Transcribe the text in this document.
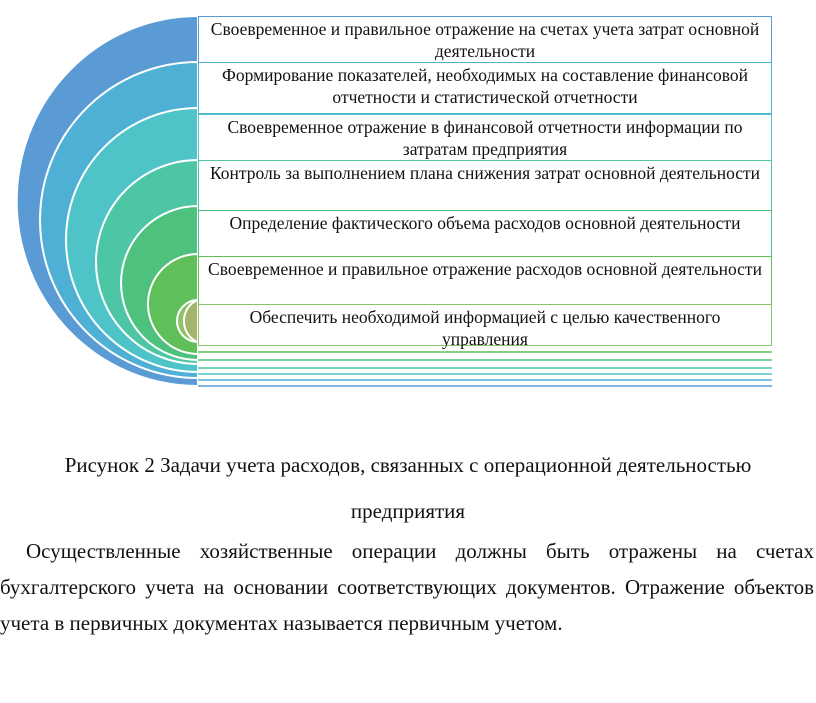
Своевременное и правильное отражение на счетах учета затрат основной деятельности
Формирование показателей, необходимых на составление финансовой отчетности и статистической отчетности
Своевременное отражение в финансовой отчетности информации по затратам предприятия
Контроль за выполнением плана снижения затрат основной деятельности
Определение фактического объема расходов основной деятельности
Своевременное и правильное отражение расходов основной деятельности
Обеспечить необходимой информацией с целью качественного управления
Рисунок 2 Задачи учета расходов, связанных с операционной деятельностью
предприятия
Осуществленные хозяйственные операции должны быть отражены на счетах бухгалтерского учета на основании соответствующих документов. Отражение объектов учета в первичных документах называется первичным учетом.
